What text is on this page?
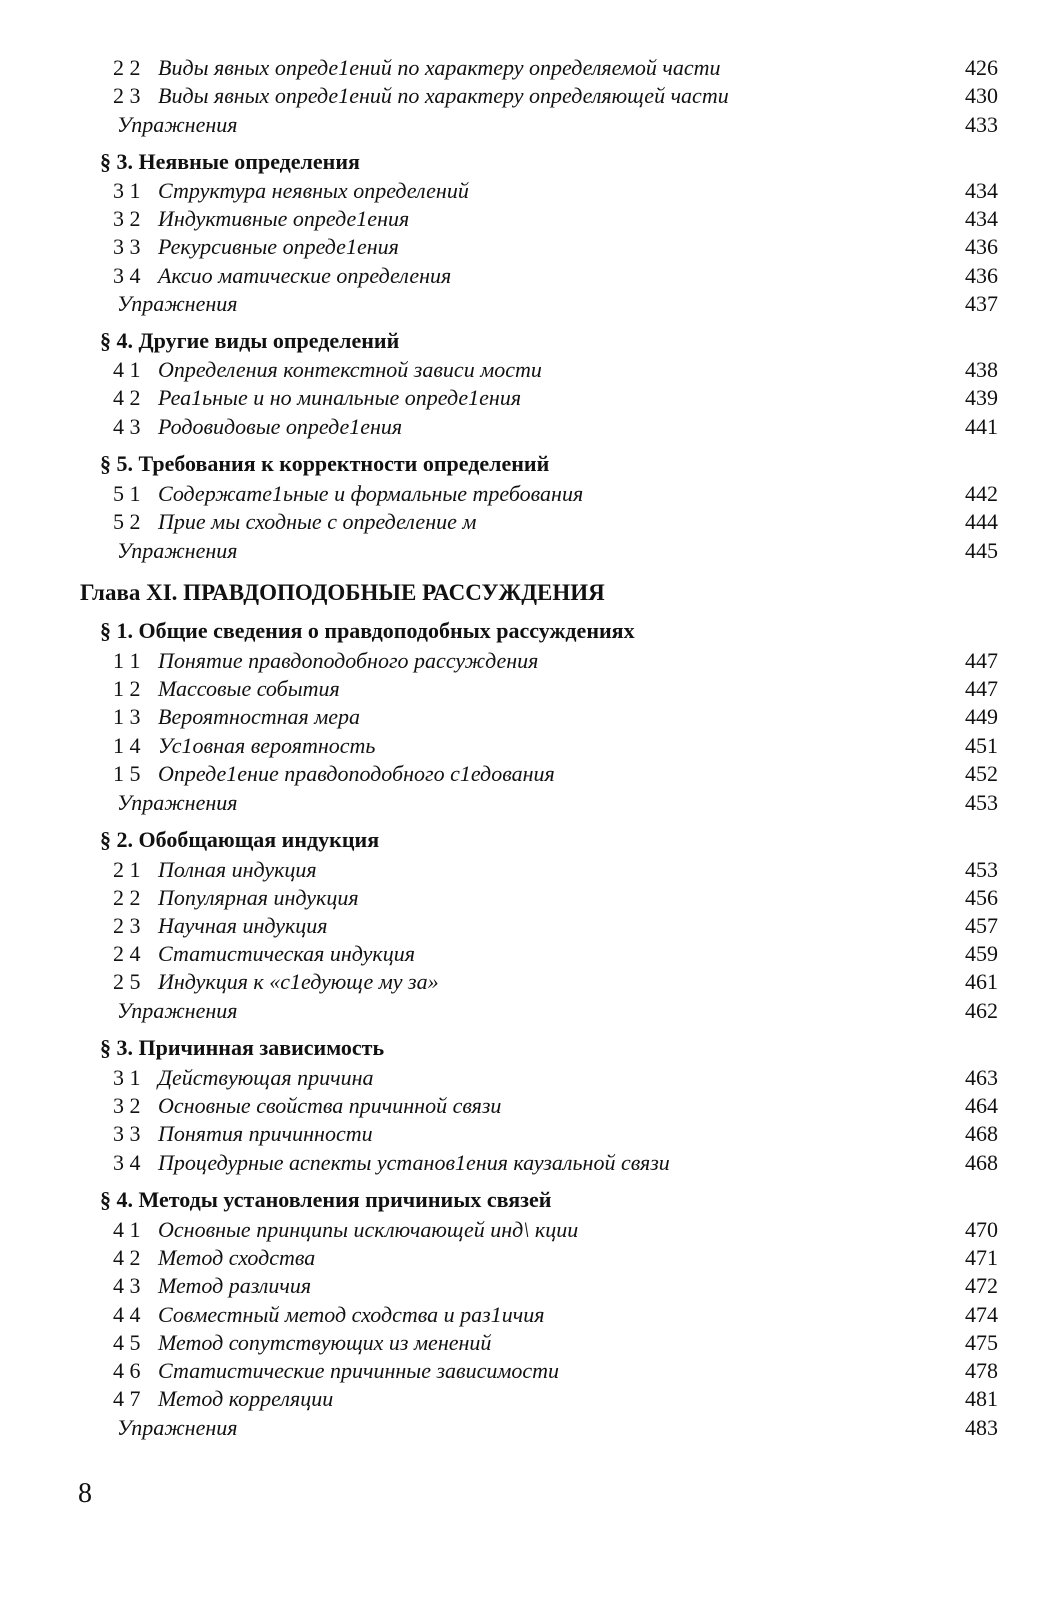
2 2 Виды явных опреде1ений по характеру определяемой части	426
2 3 Виды явных опреде1ений по характеру определяющей части	430
Упражнения	433
§ 3. Неявные определения
3 1 Структура неявных определений	434
3 2 Индуктивные опреде1ения	434
3 3 Рекурсивные опреде1ения	436
3 4 Аксио матические определения	436
Упражнения	437
§ 4. Другие виды определений
4 1 Определения контекстной зависи мости	438
4 2 Реа1ьные и но минальные опреде1ения	439
4 3 Родовидовые опреде1ения	441
§ 5. Требования к корректности определений
5 1 Содержате1ьные и формальные требования	442
5 2 Прие мы сходные с определение м	444
Упражнения	445
Глава XI. ПРАВДОПОДОБНЫЕ РАССУЖДЕНИЯ
§ 1. Общие сведения о правдоподобных рассуждениях
1 1 Понятие правдоподобного рассуждения	447
1 2 Массовые события	447
1 3 Вероятностная мера	449
1 4 Ус1овная вероятность	451
1 5 Опреде1ение правдоподобного с1едования	452
Упражнения	453
§ 2. Обобщающая индукция
2 1 Полная индукция	453
2 2 Популярная индукция	456
2 3 Научная индукция	457
2 4 Статистическая индукция	459
2 5 Индукция к «с1едующе му за»	461
Упражнения	462
§ 3. Причинная зависимость
3 1 Действующая причина	463
3 2 Основные свойства причинной связи	464
3 3 Понятия причинности	468
3 4 Процедурные аспекты установ1ения каузальной связи	468
§ 4. Методы установления причиниых связей
4 1 Основные принципы исключающей инд\ кции	470
4 2 Метод сходства	471
4 3 Метод различия	472
4 4 Совместный метод сходства и раз1ичия	474
4 5 Метод сопутствующих из менений	475
4 6 Статистические причинные зависимости	478
4 7 Метод корреляции	481
Упражнения	483
8
